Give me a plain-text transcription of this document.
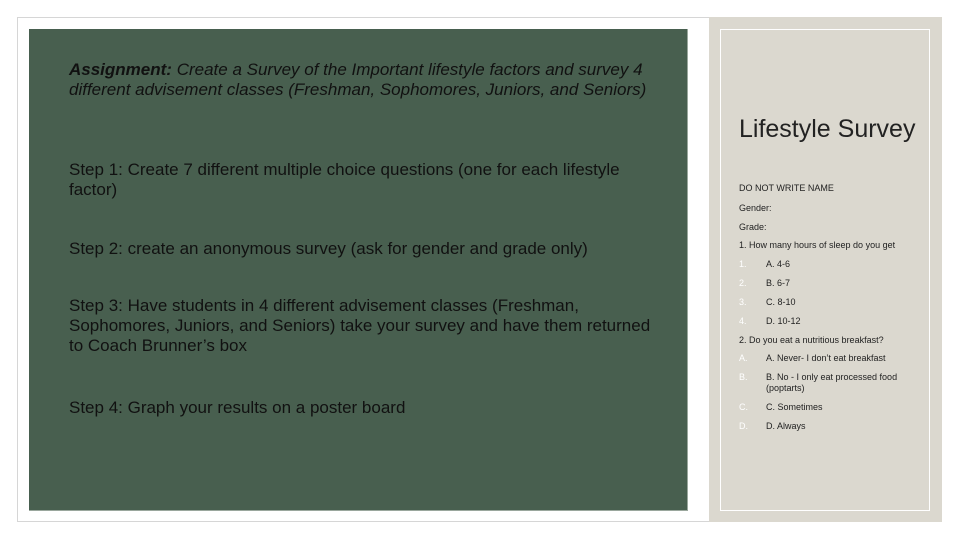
Assignment: Create a Survey of the Important lifestyle factors and survey 4 different advisement classes (Freshman, Sophomores, Juniors, and Seniors)

Step 1: Create 7 different multiple choice questions (one for each lifestyle factor)

Step 2: create an anonymous survey (ask for gender and grade only)

Step 3: Have students in 4 different advisement classes (Freshman, Sophomores, Juniors, and Seniors) take your survey and have them returned to Coach Brunner’s box

Step 4: Graph your results on a poster board

Lifestyle Survey
DO NOT WRITE NAME
Gender:
Grade:
1. How many hours of sleep do you get
1. A. 4-6
2. B. 6-7
3. C. 8-10
4. D. 10-12
2. Do you eat a nutritious breakfast?
A. A. Never- I don’t eat breakfast
B. B. No - I only eat processed food (poptarts)
C. C. Sometimes
D. D. Always
